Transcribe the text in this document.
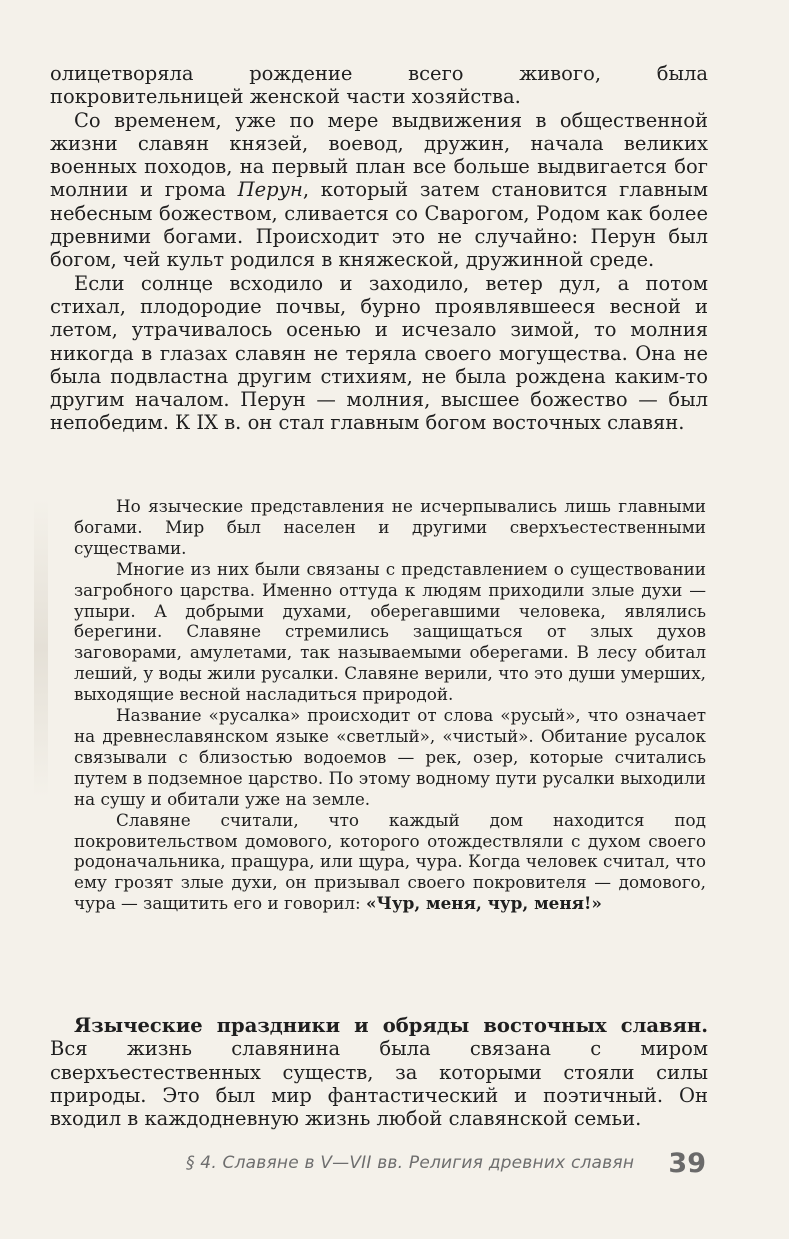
олицетворяла рождение всего живого, была покровительницей женской части хозяйства.

Со временем, уже по мере выдвижения в общественной жизни славян князей, воевод, дружин, начала великих военных походов, на первый план все больше выдвигается бог молнии и грома Перун, который затем становится главным небесным божеством, сливается со Сварогом, Родом как более древними богами. Происходит это не случайно: Перун был богом, чей культ родился в княжеской, дружинной среде.

Если солнце всходило и заходило, ветер дул, а потом стихал, плодородие почвы, бурно проявлявшееся весной и летом, утрачивалось осенью и исчезало зимой, то молния никогда в глазах славян не теряла своего могущества. Она не была подвластна другим стихиям, не была рождена каким-то другим началом. Перун — молния, высшее божество — был непобедим. К IX в. он стал главным богом восточных славян.

Но языческие представления не исчерпывались лишь главными богами. Мир был населен и другими сверхъестественными существами.

Многие из них были связаны с представлением о существовании загробного царства. Именно оттуда к людям приходили злые духи — упыри. А добрыми духами, оберегавшими человека, являлись берегини. Славяне стремились защищаться от злых духов заговорами, амулетами, так называемыми оберегами. В лесу обитал леший, у воды жили русалки. Славяне верили, что это души умерших, выходящие весной насладиться природой.

Название «русалка» происходит от слова «русый», что означает на древнеславянском языке «светлый», «чистый». Обитание русалок связывали с близостью водоемов — рек, озер, которые считались путем в подземное царство. По этому водному пути русалки выходили на сушу и обитали уже на земле.

Славяне считали, что каждый дом находится под покровительством домового, которого отождествляли с духом своего родоначальника, пращура, или щура, чура. Когда человек считал, что ему грозят злые духи, он призывал своего покровителя — домового, чура — защитить его и говорил: «Чур, меня, чур, меня!»

Языческие праздники и обряды восточных славян. Вся жизнь славянина была связана с миром сверхъестественных существ, за которыми стояли силы природы. Это был мир фантастический и поэтичный. Он входил в каждодневную жизнь любой славянской семьи.

§ 4. Славяне в V—VII вв. Религия древних славян 39
